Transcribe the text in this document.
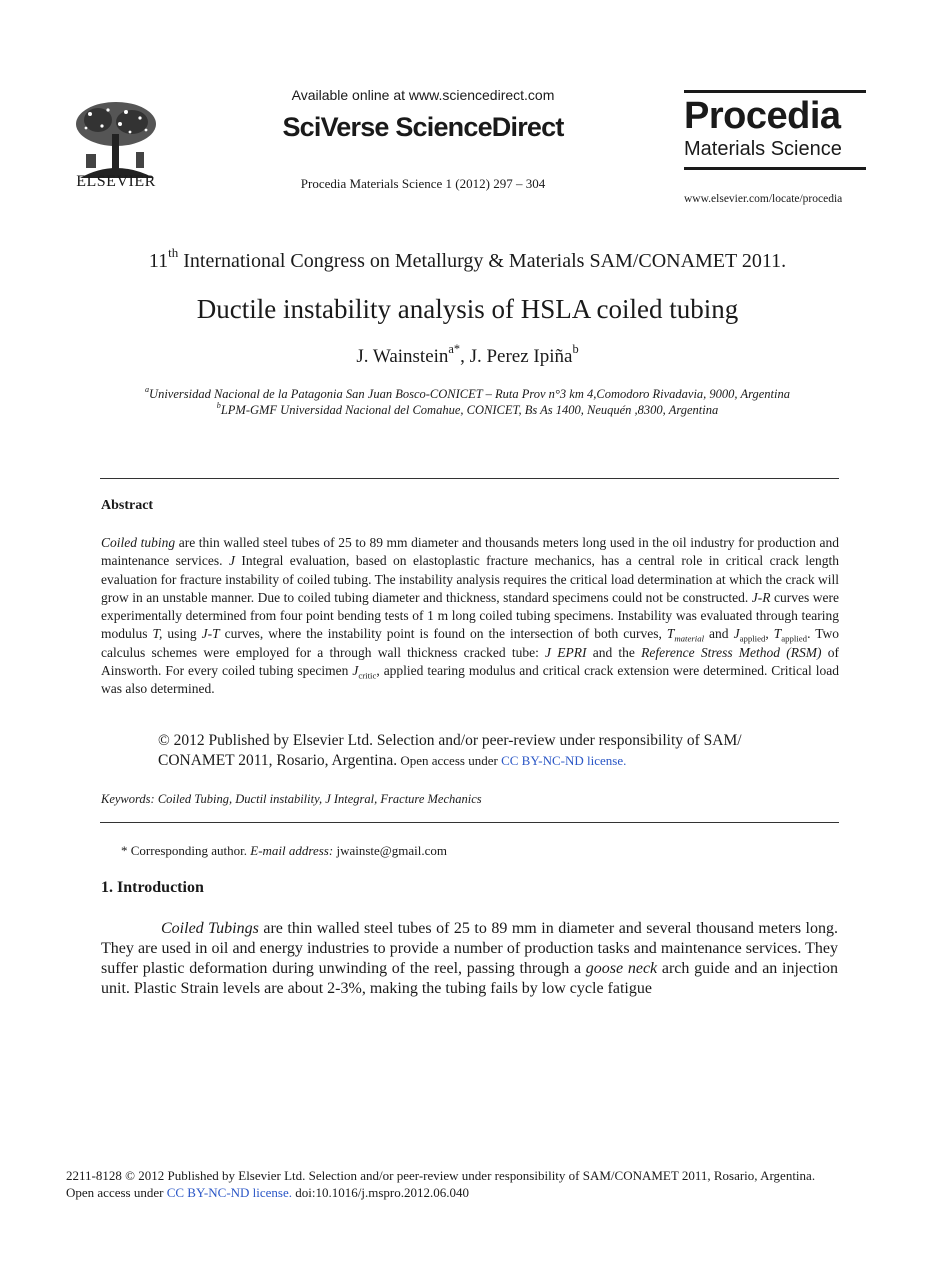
ELSEVIER
Available online at www.sciencedirect.com
SciVerse ScienceDirect
Procedia Materials Science 1 (2012) 297 – 304
Procedia
Materials Science
www.elsevier.com/locate/procedia
11th International Congress on Metallurgy & Materials SAM/CONAMET 2011.
Ductile instability analysis of HSLA coiled tubing
J. Wainstein$^{a*}$, J. Perez Ipiña$^b$
$^a$Universidad Nacional de la Patagonia San Juan Bosco-CONICET – Ruta Prov n°3 km 4,Comodoro Rivadavia, 9000, Argentina
$^b$LPM-GMF Universidad Nacional del Comahue, CONICET, Bs As 1400, Neuquén ,8300, Argentina
Abstract
Coiled tubing are thin walled steel tubes of 25 to 89 mm diameter and thousands meters long used in the oil industry for production and maintenance services. J Integral evaluation, based on elastoplastic fracture mechanics, has a central role in critical crack length evaluation for fracture instability of coiled tubing. The instability analysis requires the critical load determination at which the crack will grow in an unstable manner. Due to coiled tubing diameter and thickness, standard specimens could not be constructed. J-R curves were experimentally determined from four point bending tests of 1 m long coiled tubing specimens. Instability was evaluated through tearing modulus T, using J-T curves, where the instability point is found on the intersection of both curves, $T_{material}$ and $J_{applied}$, $T_{applied}$. Two calculus schemes were employed for a through wall thickness cracked tube: J EPRI and the Reference Stress Method (RSM) of Ainsworth. For every coiled tubing specimen $J_{critic}$, applied tearing modulus and critical crack extension were determined. Critical load was also determined.
© 2012 Published by Elsevier Ltd. Selection and/or peer-review under responsibility of SAM/ CONAMET 2011, Rosario, Argentina. Open access under CC BY-NC-ND license.
Keywords: Coiled Tubing, Ductil instability, J Integral, Fracture Mechanics
* Corresponding author. E-mail address: jwainste@gmail.com
1. Introduction
Coiled Tubings are thin walled steel tubes of 25 to 89 mm in diameter and several thousand meters long. They are used in oil and energy industries to provide a number of production tasks and maintenance services. They suffer plastic deformation during unwinding of the reel, passing through a goose neck arch guide and an injection unit. Plastic Strain levels are about 2-3%, making the tubing fails by low cycle fatigue
2211-8128 © 2012 Published by Elsevier Ltd. Selection and/or peer-review under responsibility of SAM/CONAMET 2011, Rosario, Argentina.
Open access under CC BY-NC-ND license. doi:10.1016/j.mspro.2012.06.040
